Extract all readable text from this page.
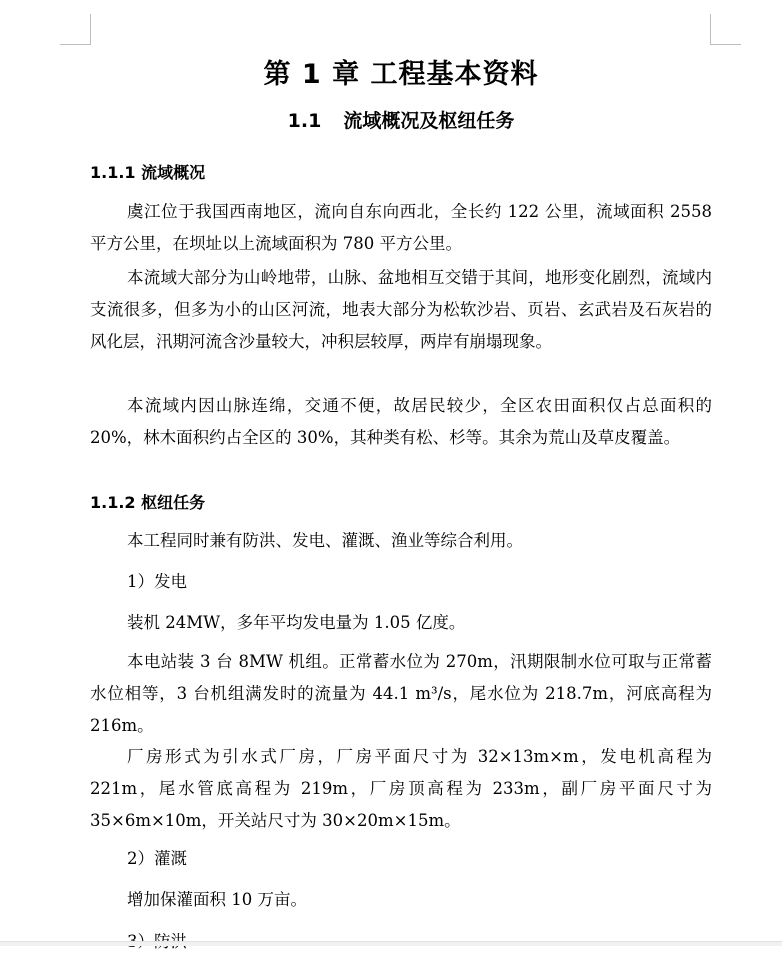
第 1 章 工程基本资料
1.1 流域概况及枢纽任务
1.1.1 流域概况

虞江位于我国西南地区，流向自东向西北，全长约 122 公里，流域面积 2558 平方公里，在坝址以上流域面积为 780 平方公里。

本流域大部分为山岭地带，山脉、盆地相互交错于其间，地形变化剧烈，流域内支流很多，但多为小的山区河流，地表大部分为松软沙岩、页岩、玄武岩及石灰岩的风化层，汛期河流含沙量较大，冲积层较厚，两岸有崩塌现象。

本流域内因山脉连绵，交通不便，故居民较少，全区农田面积仅占总面积的 20%，林木面积约占全区的 30%，其种类有松、杉等。其余为荒山及草皮覆盖。

1.1.2 枢纽任务

本工程同时兼有防洪、发电、灌溉、渔业等综合利用。

1）发电

装机 24MW，多年平均发电量为 1.05 亿度。

本电站装 3 台 8MW 机组。正常蓄水位为 270m，汛期限制水位可取与正常蓄水位相等，3 台机组满发时的流量为 44.1 m³/s，尾水位为 218.7m，河底高程为 216m。

厂房形式为引水式厂房，厂房平面尺寸为 32×13m×m，发电机高程为 221m，尾水管底高程为 219m，厂房顶高程为 233m，副厂房平面尺寸为 35×6m×10m，开关站尺寸为 30×20m×15m。

2）灌溉

增加保灌面积 10 万亩。
